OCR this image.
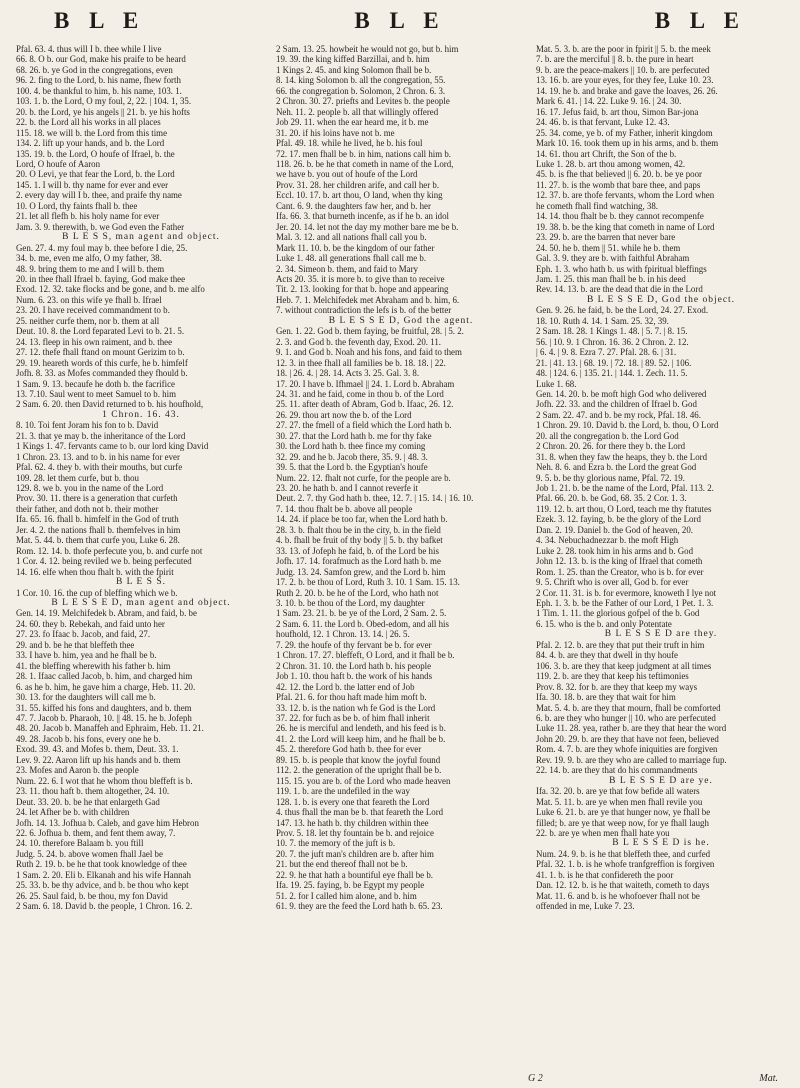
B L E	B L E	B L E

Pfal. 63. 4. thus will I b. thee while I live

66. 8. O b. our God, make his praife to be heard

68. 26. b. ye God in the congregations, even

96. 2. fing to the Lord, b. his name, fhew forth

100. 4. be thankful to him, b. his name, 103. 1.

103. 1. b. the Lord, O my foul, 2, 22. | 104. 1, 35.

20. b. the Lord, ye his angels || 21. b. ye his hofts

22. b. the Lord all his works in all places

115. 18. we will b. the Lord from this time

134. 2. lift up your hands, and b. the Lord

135. 19. b. the Lord, O houfe of Ifrael, b. the

Lord, O houfe of Aaron

20. O Levi, ye that fear the Lord, b. the Lord

145. 1. I will b. thy name for ever and ever

2. every day will I b. thee, and praife thy name

10. O Lord, thy faints fhall b. thee

21. let all flefh b. his holy name for ever

Jam. 3. 9. therewith, b. we God even the Father

B L E S S, man agent and object.

Gen. 27. 4. my foul may b. thee before I die, 25.

34. b. me, even me alfo, O my father, 38.

48. 9. bring them to me and I will b. them

20. in thee fhall Ifrael b. faying, God make thee

Exod. 12. 32. take flocks and be gone, and b. me alfo

Num. 6. 23. on this wife ye fhall b. Ifrael

23. 20. I have received commandment to b.

25. neither curfe them, nor b. them at all

Deut. 10. 8. the Lord feparated Levi to b. 21. 5.

24. 13. fleep in his own raiment, and b. thee

27. 12. thefe fhall ftand on mount Gerizim to b.

29. 19. heareth words of this curfe, he b. himfelf

Jofh. 8. 33. as Mofes commanded they fhould b.

1 Sam. 9. 13. becaufe he doth b. the facrifice

13. 7.10. Saul went to meet Samuel to b. him

2 Sam. 6. 20. then David returned to b. his houfhold,

1 Chron. 16. 43.

8. 10. Toi fent Joram his fon to b. David

21. 3. that ye may b. the inheritance of the Lord

1 Kings 1. 47. fervants came to b. our lord king David

1 Chron. 23. 13. and to b. in his name for ever

Pfal. 62. 4. they b. with their mouths, but curfe

109. 28. let them curfe, but b. thou

129. 8. we b. you in the name of the Lord

Prov. 30. 11. there is a generation that curfeth

their father, and doth not b. their mother

Ifa. 65. 16. fhall b. himfelf in the God of truth

Jer. 4. 2. the nations fhall b. themfelves in him

Mat. 5. 44. b. them that curfe you, Luke 6. 28.

Rom. 12. 14. b. thofe perfecute you, b. and curfe not

1 Cor. 4. 12. being reviled we b. being perfecuted

14. 16. elfe when thou fhalt b. with the fpirit

B L E S S.

1 Cor. 10. 16. the cup of bleffing which we b.

B L E S S E D, man agent and object.

Gen. 14. 19. Melchifedek b. Abram, and faid, b. be

24. 60. they b. Rebekah, and faid unto her

27. 23. fo Ifaac b. Jacob, and faid, 27.

29. and b. be he that bleffeth thee

33. I have b. him, yea and he fhall be b.

41. the bleffing wherewith his father b. him

28. 1. Ifaac called Jacob, b. him, and charged him

6. as he b. him, he gave him a charge, Heb. 11. 20.

30. 13. for the daughters will call me b.

31. 55. kiffed his fons and daughters, and b. them

47. 7. Jacob b. Pharaoh, 10. || 48. 15. he b. Jofeph

48. 20. Jacob b. Manaffeh and Ephraim, Heb. 11. 21.

49. 28. Jacob b. his fons, every one he b.

Exod. 39. 43. and Mofes b. them, Deut. 33. 1.

Lev. 9. 22. Aaron lift up his hands and b. them

23. Mofes and Aaron b. the people

Num. 22. 6. I wot that he whom thou bleffeft is b.

23. 11. thou haft b. them altogether, 24. 10.

Deut. 33. 20. b. be he that enlargeth Gad

24. let Afher be b. with children

Jofh. 14. 13. Jofhua b. Caleb, and gave him Hebron

22. 6. Jofhua b. them, and fent them away, 7.

24. 10. therefore Balaam b. you ftill

Judg. 5. 24. b. above women fhall Jael be

Ruth 2. 19. b. be he that took knowledge of thee

1 Sam. 2. 20. Eli b. Elkanah and his wife Hannah

25. 33. b. be thy advice, and b. be thou who kept

26. 25. Saul faid, b. be thou, my fon David

2 Sam. 6. 18. David b. the people, 1 Chron. 16. 2.

2 Sam. 13. 25. howbeit he would not go, but b. him

19. 39. the king kiffed Barzillai, and b. him

1 Kings 2. 45. and king Solomon fhall be b.

8. 14. king Solomon b. all the congregation, 55.

66. the congregation b. Solomon, 2 Chron. 6. 3.

2 Chron. 30. 27. priefts and Levites b. the people

Neh. 11. 2. people b. all that willingly offered

Job 29. 11. when the ear heard me, it b. me

31. 20. if his loins have not b. me

Pfal. 49. 18. while he lived, he b. his foul

72. 17. men fhall be b. in him, nations call him b.

118. 26. b. be he that cometh in name of the Lord,

we have b. you out of houfe of the Lord

Prov. 31. 28. her children arife, and call her b.

Eccl. 10. 17. b. art thou, O land, when thy king

Cant. 6. 9. the daughters faw her, and b. her

Ifa. 66. 3. that burneth incenfe, as if he b. an idol

Jer. 20. 14. let not the day my mother bare me be b.

Mal. 3. 12. and all nations fhall call you b.

Mark 11. 10. b. be the kingdom of our father

Luke 1. 48. all generations fhall call me b.

2. 34. Simeon b. them, and faid to Mary

Acts 20. 35. it is more b. to give than to receive

Tit. 2. 13. looking for that b. hope and appearing

Heb. 7. 1. Melchifedek met Abraham and b. him, 6.

7. without contradiction the lefs is b. of the better

B L E S S E D, God the agent.

Gen. 1. 22. God b. them faying, be fruitful, 28. | 5. 2.

2. 3. and God b. the feventh day, Exod. 20. 11.

9. 1. and God b. Noah and his fons, and faid to them

12. 3. in thee fhall all families be b. 18. 18. | 22.

18. | 26. 4. | 28. 14. Acts 3. 25. Gal. 3. 8.

17. 20. I have b. Ifhmael || 24. 1. Lord b. Abraham

24. 31. and he faid, come in thou b. of the Lord

25. 11. after death of Abram, God b. Ifaac, 26. 12.

26. 29. thou art now the b. of the Lord

27. 27. the fmell of a field which the Lord hath b.

30. 27. that the Lord hath b. me for thy fake

30. the Lord hath b. thee fince my coming

32. 29. and he b. Jacob there, 35. 9. | 48. 3.

39. 5. that the Lord b. the Egyptian's houfe

Num. 22. 12. fhalt not curfe, for the people are b.

23. 20. he hath b. and I cannot reverfe it

Deut. 2. 7. thy God hath b. thee, 12. 7. | 15. 14. | 16. 10.

7. 14. thou fhalt be b. above all people

14. 24. if place be too far, when the Lord hath b.

28. 3. b. fhalt thou be in the city, b. in the field

4. b. fhall be fruit of thy body || 5. b. thy bafket

33. 13. of Jofeph he faid, b. of the Lord be his

Jofh. 17. 14. forafmuch as the Lord hath b. me

Judg. 13. 24. Samfon grew, and the Lord b. him

17. 2. b. be thou of Lord, Ruth 3. 10. 1 Sam. 15. 13.

Ruth 2. 20. b. be he of the Lord, who hath not

3. 10. b. be thou of the Lord, my daughter

1 Sam. 23. 21. b. be ye of the Lord, 2 Sam. 2. 5.

2 Sam. 6. 11. the Lord b. Obed-edom, and all his

houfhold, 12. 1 Chron. 13. 14. | 26. 5.

7. 29. the houfe of thy fervant be b. for ever

1 Chron. 17. 27. bleffeft, O Lord, and it fhall be b.

2 Chron. 31. 10. the Lord hath b. his people

Job 1. 10. thou haft b. the work of his hands

42. 12. the Lord b. the latter end of Job

Pfal. 21. 6. for thou haft made him moft b.

33. 12. b. is the nation wh fe God is the Lord

37. 22. for fuch as be b. of him fhall inherit

26. he is merciful and lendeth, and his feed is b.

41. 2. the Lord will keep him, and he fhall be b.

45. 2. therefore God hath b. thee for ever

89. 15. b. is people that know the joyful found

112. 2. the generation of the upright fhall be b.

115. 15. you are b. of the Lord who made heaven

119. 1. b. are the undefiled in the way

128. 1. b. is every one that feareth the Lord

4. thus fhall the man be b. that feareth the Lord

147. 13. he hath b. thy children within thee

Prov. 5. 18. let thy fountain be b. and rejoice

10. 7. the memory of the juft is b.

20. 7. the juft man's children are b. after him

21. but the end thereof fhall not be b.

22. 9. he that hath a bountiful eye fhall be b.

Ifa. 19. 25. faying, b. be Egypt my people

51. 2. for I called him alone, and b. him

61. 9. they are the feed the Lord hath b. 65. 23.

Mat. 5. 3. b. are the poor in fpirit || 5. b. the meek

7. b. are the merciful || 8. b. the pure in heart

9. b. are the peace-makers || 10. b. are perfecuted

13. 16. b. are your eyes, for they fee, Luke 10. 23.

14. 19. he b. and brake and gave the loaves, 26. 26.

Mark 6. 41. | 14. 22. Luke 9. 16. | 24. 30.

16. 17. Jefus faid, b. art thou, Simon Bar-jona

24. 46. b. is that fervant, Luke 12. 43.

25. 34. come, ye b. of my Father, inherit kingdom

Mark 10. 16. took them up in his arms, and b. them

14. 61. thou art Chrift, the Son of the b.

Luke 1. 28. b. art thou among women, 42.

45. b. is fhe that believed || 6. 20. b. be ye poor

11. 27. b. is the womb that bare thee, and paps

12. 37. b. are thofe fervants, whom the Lord when

he cometh fhall find watching, 38.

14. 14. thou fhalt be b. they cannot recompenfe

19. 38. b. be the king that cometh in name of Lord

23. 29. b. are the barren that never bare

24. 50. he b. them || 51. while he b. them

Gal. 3. 9. they are b. with faithful Abraham

Eph. 1. 3. who hath b. us with fpiritual bleffings

Jam. 1. 25. this man fhall be b. in his deed

Rev. 14. 13. b. are the dead that die in the Lord

B L E S S E D, God the object.

Gen. 9. 26. he faid, b. be the Lord, 24. 27. Exod.

18. 10. Ruth 4. 14. 1 Sam. 25. 32, 39.

2 Sam. 18. 28. 1 Kings 1. 48. | 5. 7. | 8. 15.

56. | 10. 9. 1 Chron. 16. 36. 2 Chron. 2. 12.

| 6. 4. | 9. 8. Ezra 7. 27. Pfal. 28. 6. | 31.

21. | 41. 13. | 68. 19. | 72. 18. | 89. 52. | 106.

48. | 124. 6. | 135. 21. | 144. 1. Zech. 11. 5.

Luke 1. 68.

Gen. 14. 20. b. be moft high God who delivered

Jofh. 22. 33. and the children of Ifrael b. God

2 Sam. 22. 47. and b. be my rock, Pfal. 18. 46.

1 Chron. 29. 10. David b. the Lord, b. thou, O Lord

20. all the congregation b. the Lord God

2 Chron. 20. 26. for there they b. the Lord

31. 8. when they faw the heaps, they b. the Lord

Neh. 8. 6. and Ezra b. the Lord the great God

9. 5. b. be thy glorious name, Pfal. 72. 19.

Job 1. 21. b. be the name of the Lord, Pfal. 113. 2.

Pfal. 66. 20. b. be God, 68. 35. 2 Cor. 1. 3.

119. 12. b. art thou, O Lord, teach me thy ftatutes

Ezek. 3. 12. faying, b. be the glory of the Lord

Dan. 2. 19. Daniel b. the God of heaven, 20.

4. 34. Nebuchadnezzar b. the moft High

Luke 2. 28. took him in his arms and b. God

John 12. 13. b. is the king of Ifrael that cometh

Rom. 1. 25. than the Creator, who is b. for ever

9. 5. Chrift who is over all, God b. for ever

2 Cor. 11. 31. is b. for evermore, knoweth I lye not

Eph. 1. 3. b. be the Father of our Lord, 1 Pet. 1. 3.

1 Tim. 1. 11. the glorious gofpel of the b. God

6. 15. who is the b. and only Potentate

B L E S S E D are they.

Pfal. 2. 12. b. are they that put their truft in him

84. 4. b. are they that dwell in thy houfe

106. 3. b. are they that keep judgment at all times

119. 2. b. are they that keep his teftimonies

Prov. 8. 32. for b. are they that keep my ways

Ifa. 30. 18. b. are they that wait for him

Mat. 5. 4. b. are they that mourn, fhall be comforted

6. b. are they who hunger || 10. who are perfecuted

Luke 11. 28. yea, rather b. are they that hear the word

John 20. 29. b. are they that have not feen, believed

Rom. 4. 7. b. are they whofe iniquities are forgiven

Rev. 19. 9. b. are they who are called to marriage fup.

22. 14. b. are they that do his commandments

B L E S S E D are ye.

Ifa. 32. 20. b. are ye that fow befide all waters

Mat. 5. 11. b. are ye when men fhall revile you

Luke 6. 21. b. are ye that hunger now, ye fhall be

filled; b. are ye that weep now, for ye fhall laugh

22. b. are ye when men fhall hate you

B L E S S E D is he.

Num. 24. 9. b. is he that bleffeth thee, and curfed

Pfal. 32. 1. b. is he whofe tranfgreffion is forgiven

41. 1. b. is he that confidereth the poor

Dan. 12. 12. b. is he that waiteth, cometh to days

Mat. 11. 6. and b. is he whofoever fhall not be

offended in me, Luke 7. 23.

G 2	Mat.
